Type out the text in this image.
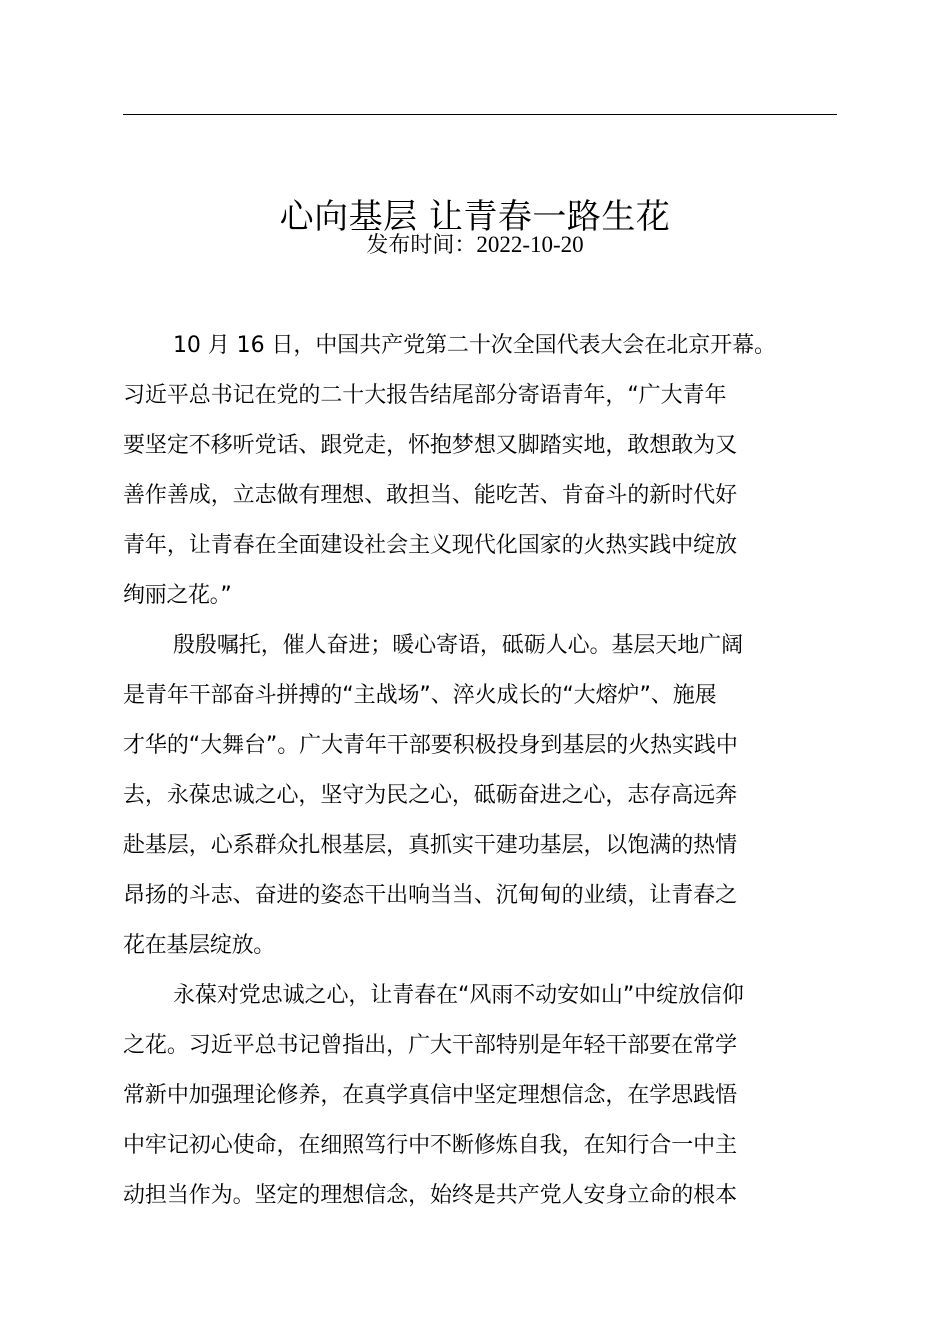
心向基层 让青春一路生花
发布时间：2022-10-20
10 月 16 日，中国共产党第二十次全国代表大会在北京开幕。
习近平总书记在党的二十大报告结尾部分寄语青年，“广大青年
要坚定不移听党话、跟党走，怀抱梦想又脚踏实地，敢想敢为又
善作善成，立志做有理想、敢担当、能吃苦、肯奋斗的新时代好
青年，让青春在全面建设社会主义现代化国家的火热实践中绽放
绚丽之花。”
殷殷嘱托，催人奋进；暖心寄语，砥砺人心。基层天地广阔
是青年干部奋斗拼搏的“主战场”、淬火成长的“大熔炉”、施展
才华的“大舞台”。广大青年干部要积极投身到基层的火热实践中
去，永葆忠诚之心，坚守为民之心，砥砺奋进之心，志存高远奔
赴基层，心系群众扎根基层，真抓实干建功基层，以饱满的热情
昂扬的斗志、奋进的姿态干出响当当、沉甸甸的业绩，让青春之
花在基层绽放。
永葆对党忠诚之心，让青春在“风雨不动安如山”中绽放信仰
之花。习近平总书记曾指出，广大干部特别是年轻干部要在常学
常新中加强理论修养，在真学真信中坚定理想信念，在学思践悟
中牢记初心使命，在细照笃行中不断修炼自我，在知行合一中主
动担当作为。坚定的理想信念，始终是共产党人安身立命的根本
